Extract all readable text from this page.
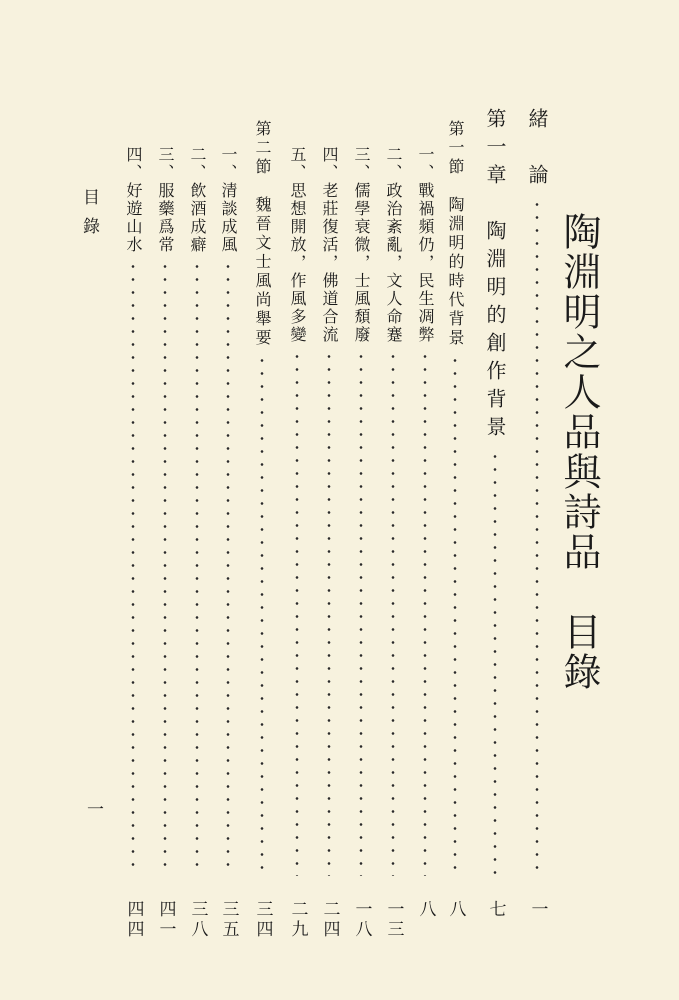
陶淵明之人品與詩品　目錄
緒　論
一
第一章　陶淵明的創作背景
七
第一節　陶淵明的時代背景
八
一、戰禍頻仍，民生凋弊
八
二、政治紊亂，文人命蹇
一三
三、儒學衰微，士風頹廢
一八
四、老莊復活，佛道合流
二四
五、思想開放，作風多變
二九
第二節　魏晉文士風尚舉要
三四
一、清談成風
三五
二、飲酒成癖
三八
三、服藥爲常
四一
四、好遊山水
四四
目錄
一
